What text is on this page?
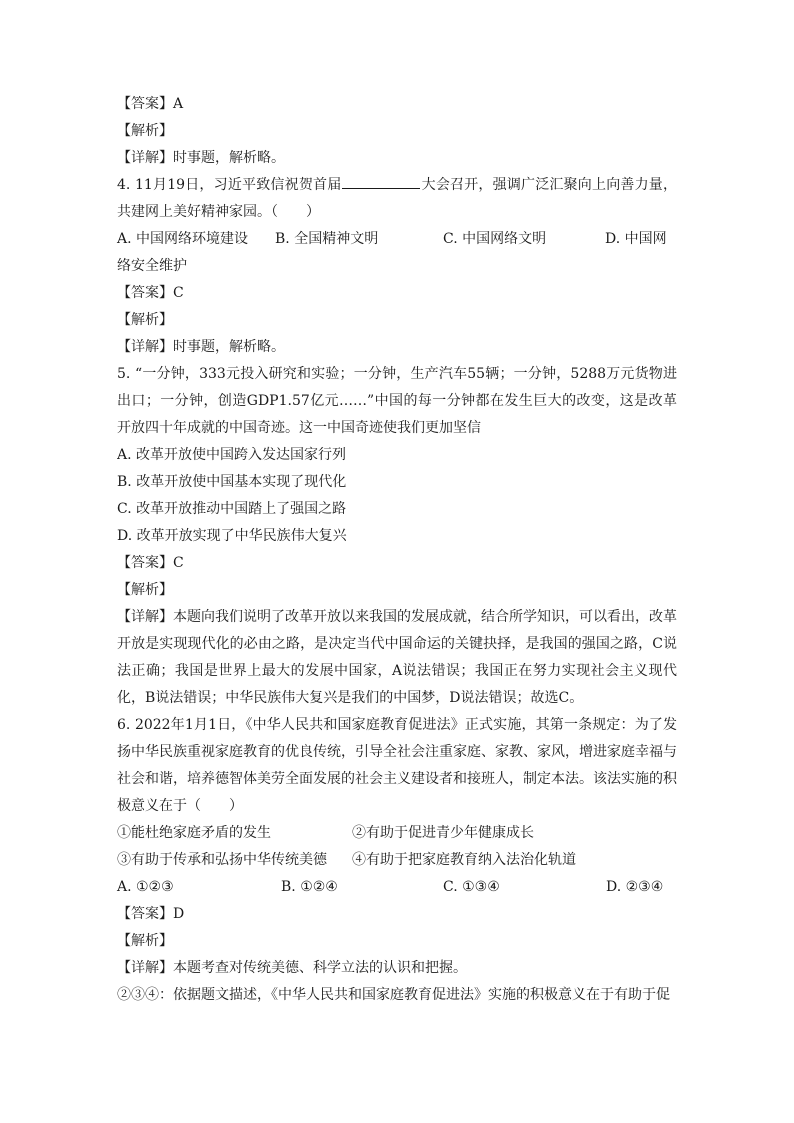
【答案】A
【解析】
【详解】时事题，解析略。
4. 11月19日，习近平致信祝贺首届	大会召开，强调广泛汇聚向上向善力量，共建网上美好精神家园。（　　）
A. 中国网络环境建设	B. 全国精神文明	C. 中国网络文明	D. 中国网
络安全维护
【答案】C
【解析】
【详解】时事题，解析略。
5. “一分钟，333元投入研究和实验；一分钟，生产汽车55辆；一分钟，5288万元货物进出口；一分钟，创造GDP1.57亿元……”中国的每一分钟都在发生巨大的改变，这是改革开放四十年成就的中国奇迹。这一中国奇迹使我们更加坚信
A. 改革开放使中国跨入发达国家行列
B. 改革开放使中国基本实现了现代化
C. 改革开放推动中国踏上了强国之路
D. 改革开放实现了中华民族伟大复兴
【答案】C
【解析】
【详解】本题向我们说明了改革开放以来我国的发展成就，结合所学知识，可以看出，改革开放是实现现代化的必由之路，是决定当代中国命运的关键抉择，是我国的强国之路，C说法正确；我国是世界上最大的发展中国家，A说法错误；我国正在努力实现社会主义现代化，B说法错误；中华民族伟大复兴是我们的中国梦，D说法错误；故选C。
6. 2022年1月1日，《中华人民共和国家庭教育促进法》正式实施，其第一条规定：为了发扬中华民族重视家庭教育的优良传统，引导全社会注重家庭、家教、家风，增进家庭幸福与社会和谐，培养德智体美劳全面发展的社会主义建设者和接班人，制定本法。该法实施的积极意义在于（　　）
①能杜绝家庭矛盾的发生	②有助于促进青少年健康成长
③有助于传承和弘扬中华传统美德	④有助于把家庭教育纳入法治化轨道
A. ①②③	B. ①②④	C. ①③④	D. ②③④
【答案】D
【解析】
【详解】本题考查对传统美德、科学立法的认识和把握。
②③④：依据题文描述，《中华人民共和国家庭教育促进法》实施的积极意义在于有助于促
